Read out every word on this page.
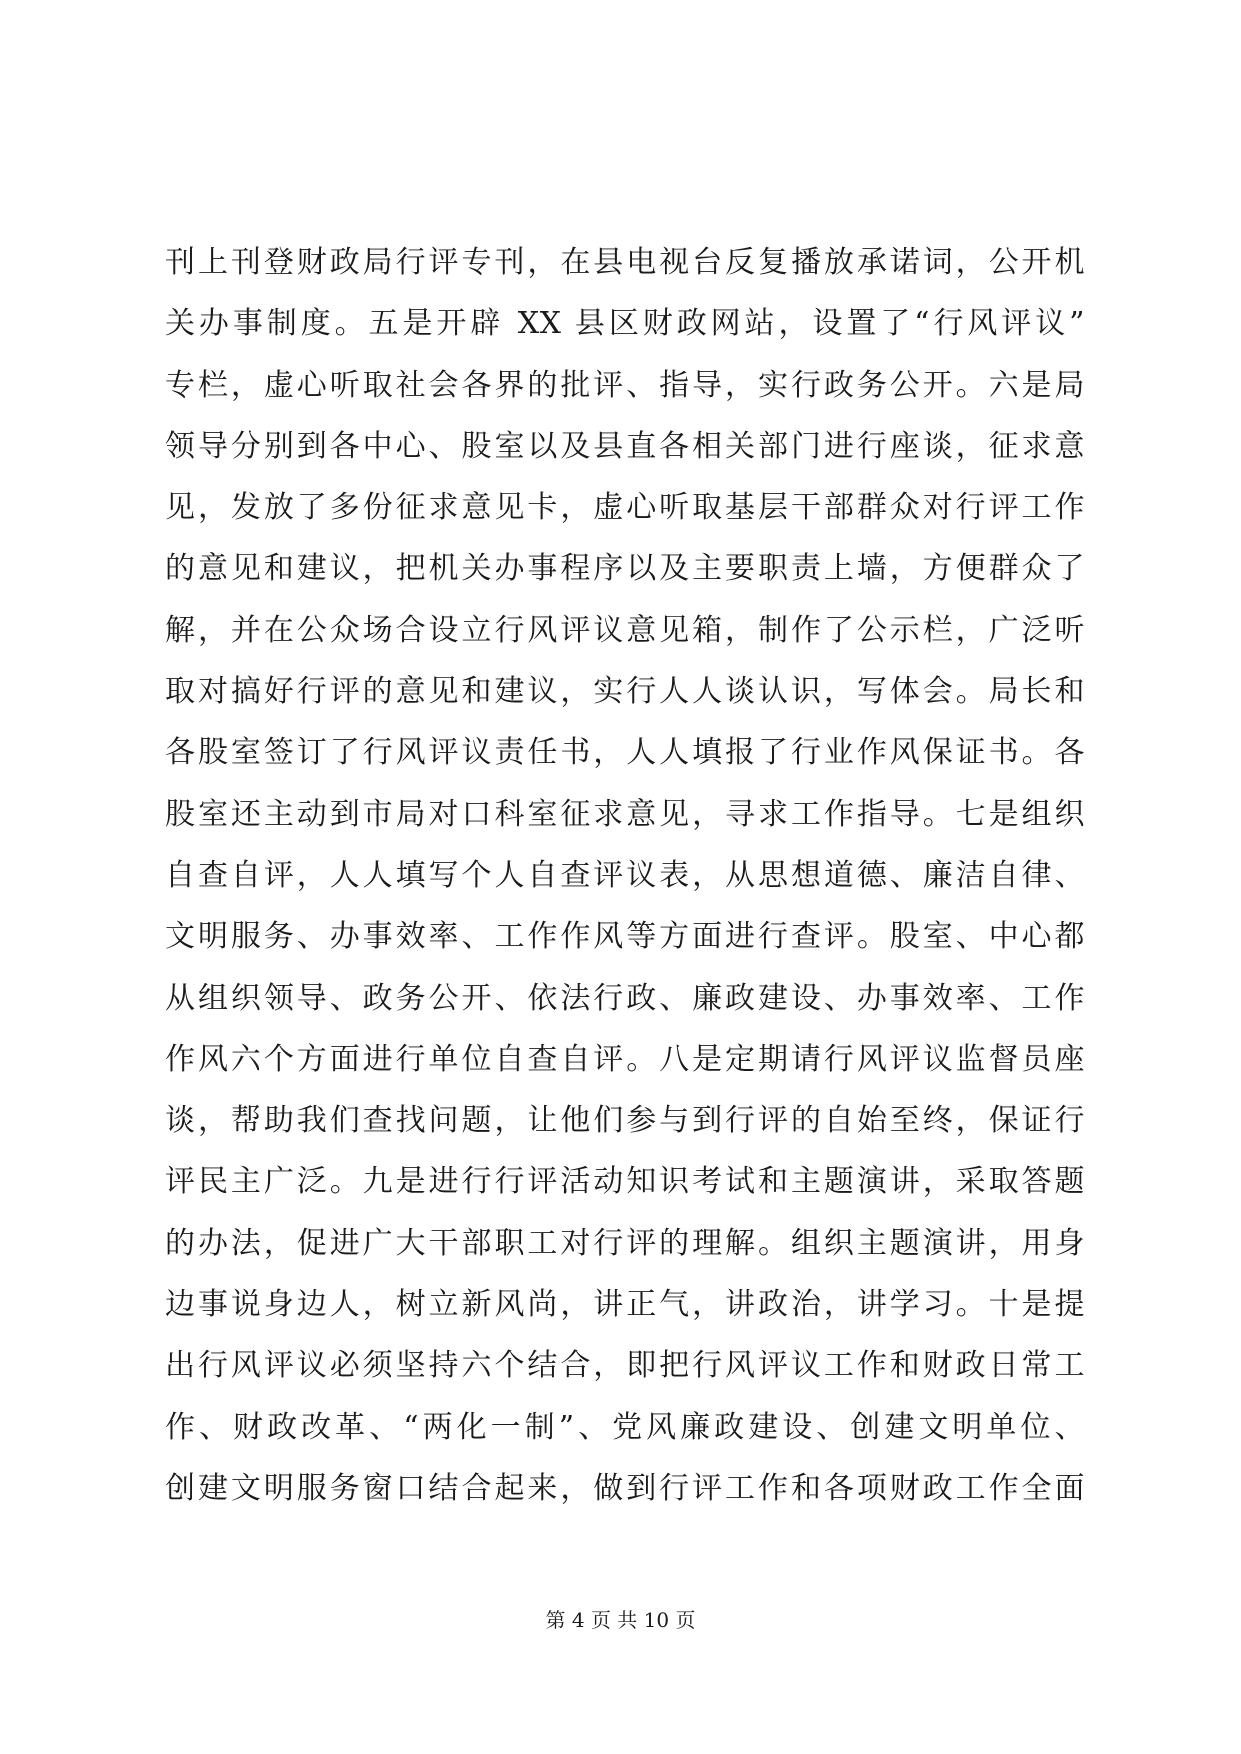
刊上刊登财政局行评专刊，在县电视台反复播放承诺词，公开机
关办事制度。五是开辟 XX 县区财政网站，设置了“行风评议”
专栏，虚心听取社会各界的批评、指导，实行政务公开。六是局
领导分别到各中心、股室以及县直各相关部门进行座谈，征求意
见，发放了多份征求意见卡，虚心听取基层干部群众对行评工作
的意见和建议，把机关办事程序以及主要职责上墙，方便群众了
解，并在公众场合设立行风评议意见箱，制作了公示栏，广泛听
取对搞好行评的意见和建议，实行人人谈认识，写体会。局长和
各股室签订了行风评议责任书，人人填报了行业作风保证书。各
股室还主动到市局对口科室征求意见，寻求工作指导。七是组织
自查自评，人人填写个人自查评议表，从思想道德、廉洁自律、
文明服务、办事效率、工作作风等方面进行查评。股室、中心都
从组织领导、政务公开、依法行政、廉政建设、办事效率、工作
作风六个方面进行单位自查自评。八是定期请行风评议监督员座
谈，帮助我们查找问题，让他们参与到行评的自始至终，保证行
评民主广泛。九是进行行评活动知识考试和主题演讲，采取答题
的办法，促进广大干部职工对行评的理解。组织主题演讲，用身
边事说身边人，树立新风尚，讲正气，讲政治，讲学习。十是提
出行风评议必须坚持六个结合，即把行风评议工作和财政日常工
作、财政改革、“两化一制”、党风廉政建设、创建文明单位、
创建文明服务窗口结合起来，做到行评工作和各项财政工作全面
第 4 页 共 10 页
